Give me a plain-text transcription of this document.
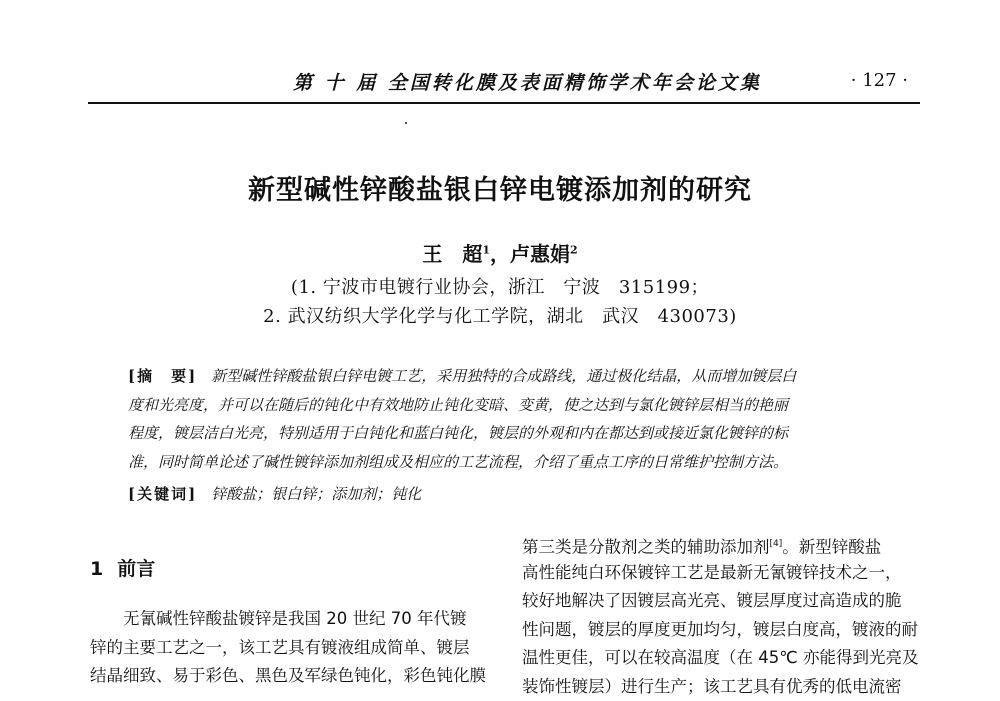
第 十 届 全国转化膜及表面精饰学术年会论文集	· 127 ·
新型碱性锌酸盐银白锌电镀添加剂的研究
王　超$^1$，卢惠娟$^2$
(1. 宁波市电镀行业协会，浙江　宁波　315199；
2. 武汉纺织大学化学与化工学院，湖北　武汉　430073)
[摘　要] 新型碱性锌酸盐银白锌电镀工艺，采用独特的合成路线，通过极化结晶，从而增加镀层白
度和光亮度，并可以在随后的钝化中有效地防止钝化变暗、变黄，使之达到与氯化镀锌层相当的艳丽
程度，镀层洁白光亮，特别适用于白钝化和蓝白钝化，镀层的外观和内在都达到或接近氯化镀锌的标
准，同时简单论述了碱性镀锌添加剂组成及相应的工艺流程，介绍了重点工序的日常维护控制方法。
[关键词] 锌酸盐；银白锌；添加剂；钝化
1 前言
无氰碱性锌酸盐镀锌是我国 20 世纪 70 年代镀
锌的主要工艺之一，该工艺具有镀液组成简单、镀层
结晶细致、易于彩色、黑色及军绿色钝化，彩色钝化膜
第三类是分散剂之类的辅助添加剂[4]。新型锌酸盐
高性能纯白环保镀锌工艺是最新无氰镀锌技术之一，
较好地解决了因镀层高光亮、镀层厚度过高造成的脆
性问题，镀层的厚度更加均匀，镀层白度高，镀液的耐
温性更佳，可以在较高温度（在 45℃ 亦能得到光亮及
装饰性镀层）进行生产；该工艺具有优秀的低电流密
